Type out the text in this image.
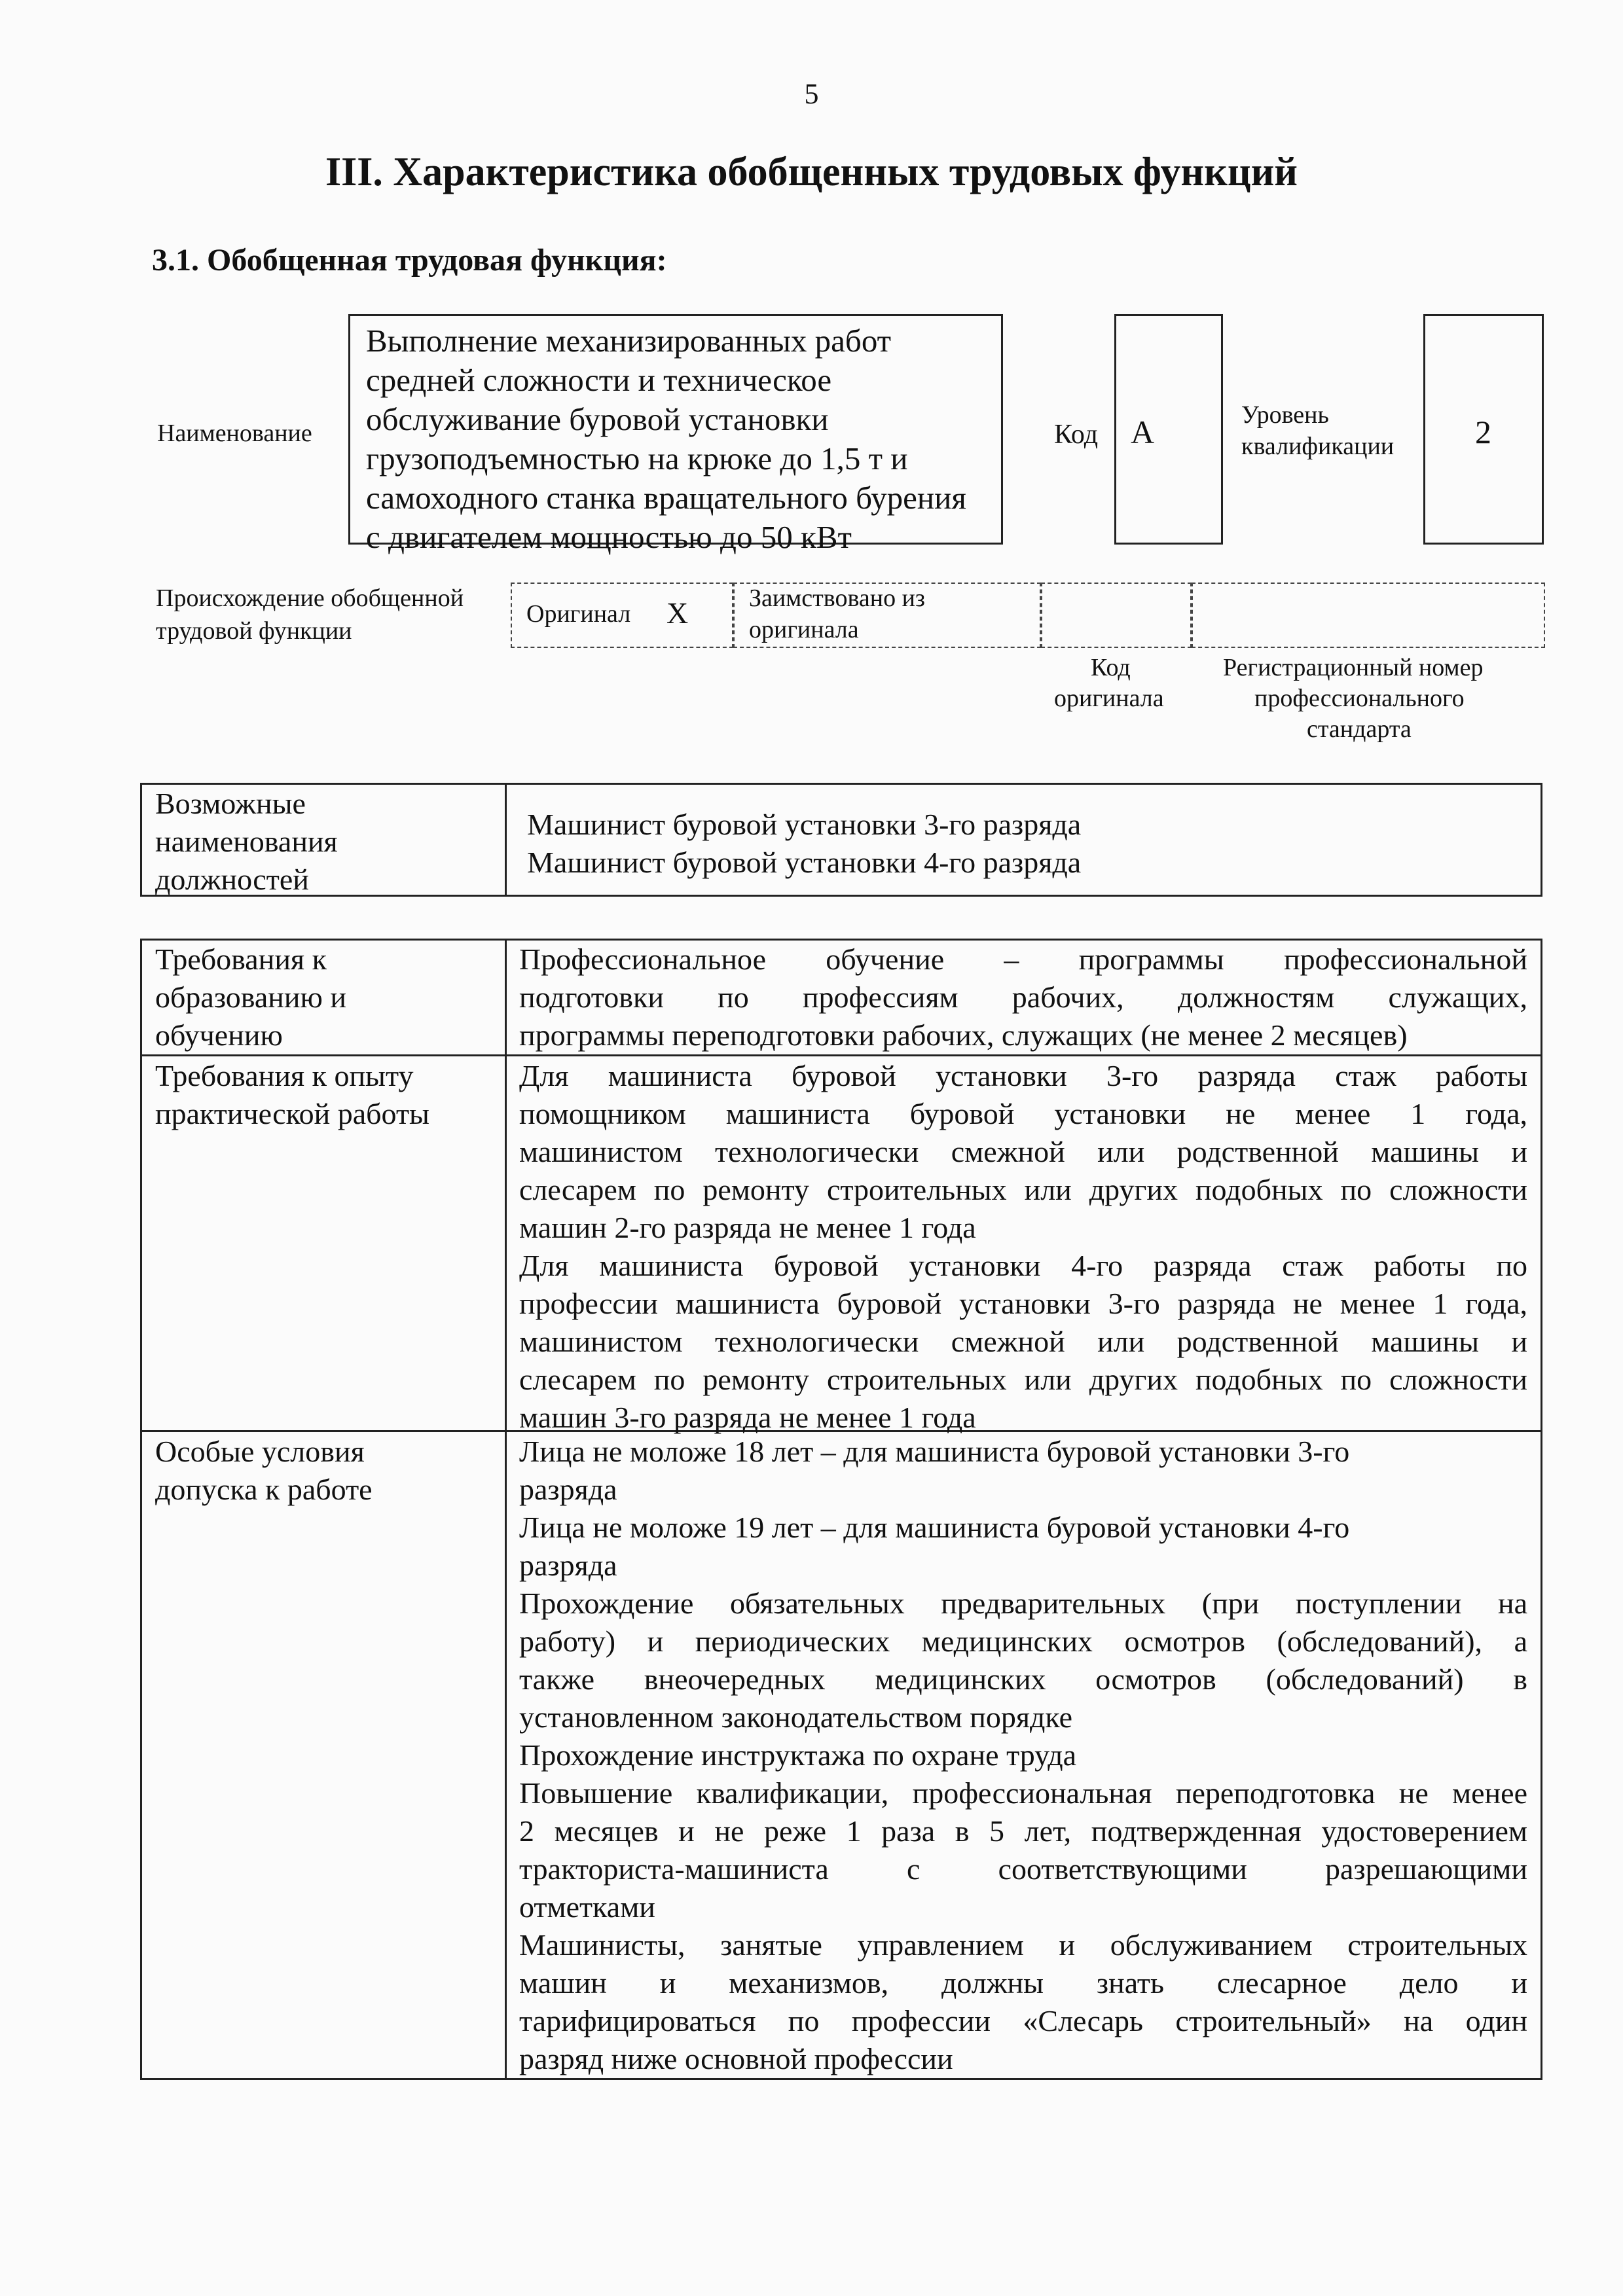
5
III. Характеристика обобщенных трудовых функций
3.1. Обобщенная трудовая функция:
Наименование
Выполнение механизированных работ
средней сложности и техническое
обслуживание буровой установки
грузоподъемностью на крюке до 1,5 т и
самоходного станка вращательного бурения
с двигателем мощностью до 50 кВт
Код А	Уровень
квалификации 2
Происхождение обобщенной
трудовой функции
Оригинал X Заимствовано из
оригинала
Код
оригинала
Регистрационный номер
профессионального
стандарта
Возможные
наименования
должностей
Машинист буровой установки 3-го разряда
Машинист буровой установки 4-го разряда
Требования к
образованию и
обучению
Профессиональное обучение – программы профессиональной
подготовки по профессиям рабочих, должностям служащих,
программы переподготовки рабочих, служащих (не менее 2 месяцев)
Требования к опыту
практической работы
Для машиниста буровой установки 3-го разряда стаж работы
помощником машиниста буровой установки не менее 1 года,
машинистом технологически смежной или родственной машины и
слесарем по ремонту строительных или других подобных по сложности
машин 2-го разряда не менее 1 года
Для машиниста буровой установки 4-го разряда стаж работы по
профессии машиниста буровой установки 3-го разряда не менее 1 года,
машинистом технологически смежной или родственной машины и
слесарем по ремонту строительных или других подобных по сложности
машин 3-го разряда не менее 1 года
Особые условия
допуска к работе
Лица не моложе 18 лет – для машиниста буровой установки 3-го
разряда
Лица не моложе 19 лет – для машиниста буровой установки 4-го
разряда
Прохождение обязательных предварительных (при поступлении на
работу) и периодических медицинских осмотров (обследований), а
также внеочередных медицинских осмотров (обследований) в
установленном законодательством порядке
Прохождение инструктажа по охране труда
Повышение квалификации, профессиональная переподготовка не менее
2 месяцев и не реже 1 раза в 5 лет, подтвержденная удостоверением
тракториста-машиниста с соответствующими разрешающими
отметками
Машинисты, занятые управлением и обслуживанием строительных
машин и механизмов, должны знать слесарное дело и
тарифицироваться по профессии «Слесарь строительный» на один
разряд ниже основной профессии
